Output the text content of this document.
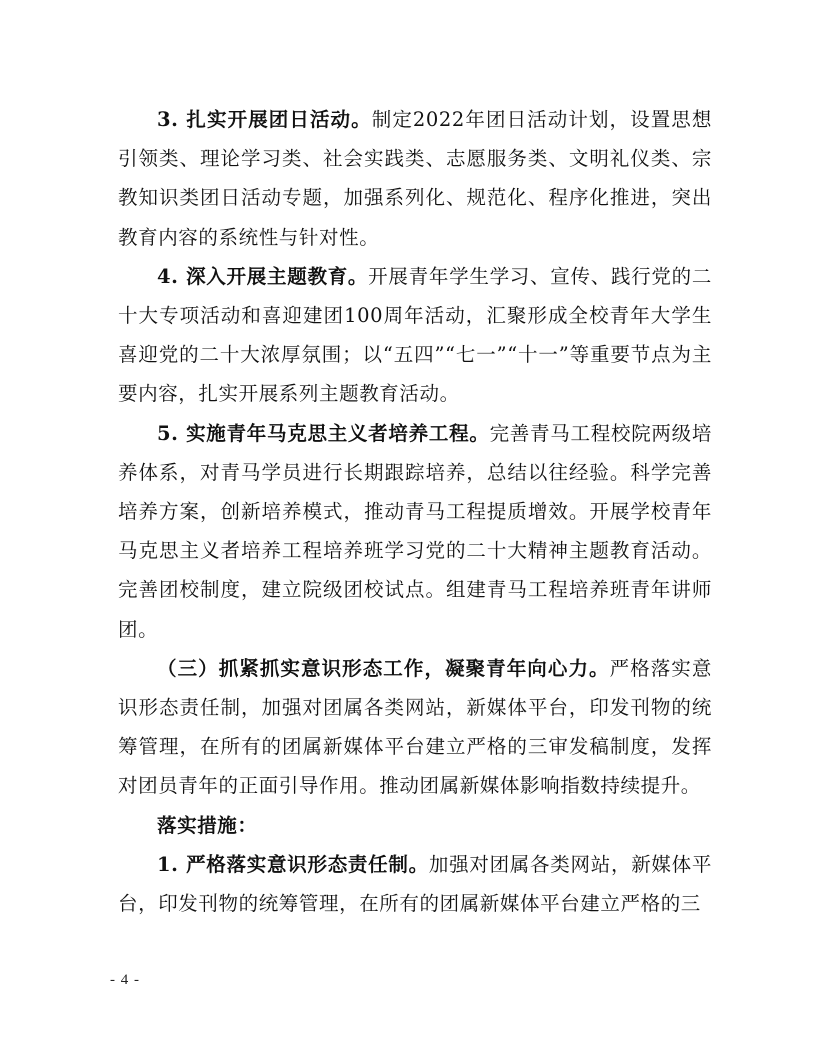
3. 扎实开展团日活动。制定2022年团日活动计划，设置思想引领类、理论学习类、社会实践类、志愿服务类、文明礼仪类、宗教知识类团日活动专题，加强系列化、规范化、程序化推进，突出教育内容的系统性与针对性。

4. 深入开展主题教育。开展青年学生学习、宣传、践行党的二十大专项活动和喜迎建团100周年活动，汇聚形成全校青年大学生喜迎党的二十大浓厚氛围；以“五四”“七一”“十一”等重要节点为主要内容，扎实开展系列主题教育活动。

5. 实施青年马克思主义者培养工程。完善青马工程校院两级培养体系，对青马学员进行长期跟踪培养，总结以往经验。科学完善培养方案，创新培养模式，推动青马工程提质增效。开展学校青年马克思主义者培养工程培养班学习党的二十大精神主题教育活动。完善团校制度，建立院级团校试点。组建青马工程培养班青年讲师团。

（三）抓紧抓实意识形态工作，凝聚青年向心力。严格落实意识形态责任制，加强对团属各类网站，新媒体平台，印发刊物的统筹管理，在所有的团属新媒体平台建立严格的三审发稿制度，发挥对团员青年的正面引导作用。推动团属新媒体影响指数持续提升。

落实措施：

1. 严格落实意识形态责任制。加强对团属各类网站，新媒体平台，印发刊物的统筹管理，在所有的团属新媒体平台建立严格的三

- 4 -
